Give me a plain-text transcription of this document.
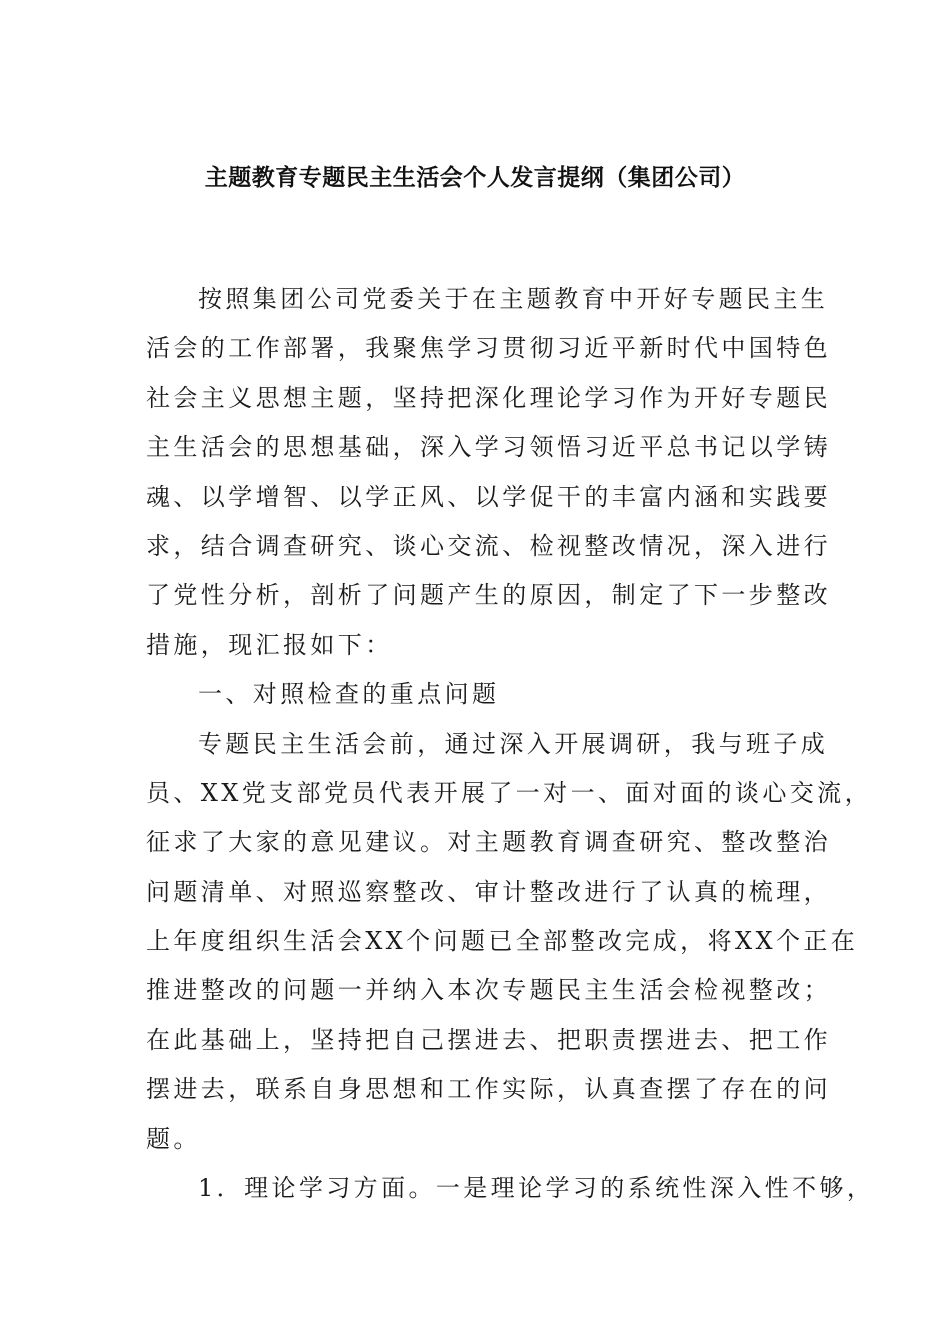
主题教育专题民主生活会个人发言提纲（集团公司）
按照集团公司党委关于在主题教育中开好专题民主生
活会的工作部署，我聚焦学习贯彻习近平新时代中国特色
社会主义思想主题，坚持把深化理论学习作为开好专题民
主生活会的思想基础，深入学习领悟习近平总书记以学铸
魂、以学增智、以学正风、以学促干的丰富内涵和实践要
求，结合调查研究、谈心交流、检视整改情况，深入进行
了党性分析，剖析了问题产生的原因，制定了下一步整改
措施，现汇报如下：
一、对照检查的重点问题
专题民主生活会前，通过深入开展调研，我与班子成
员、XX党支部党员代表开展了一对一、面对面的谈心交流，
征求了大家的意见建议。对主题教育调查研究、整改整治
问题清单、对照巡察整改、审计整改进行了认真的梳理，
上年度组织生活会XX个问题已全部整改完成，将XX个正在
推进整改的问题一并纳入本次专题民主生活会检视整改；
在此基础上，坚持把自己摆进去、把职责摆进去、把工作
摆进去，联系自身思想和工作实际，认真查摆了存在的问
题。
1．理论学习方面。一是理论学习的系统性深入性不够，
